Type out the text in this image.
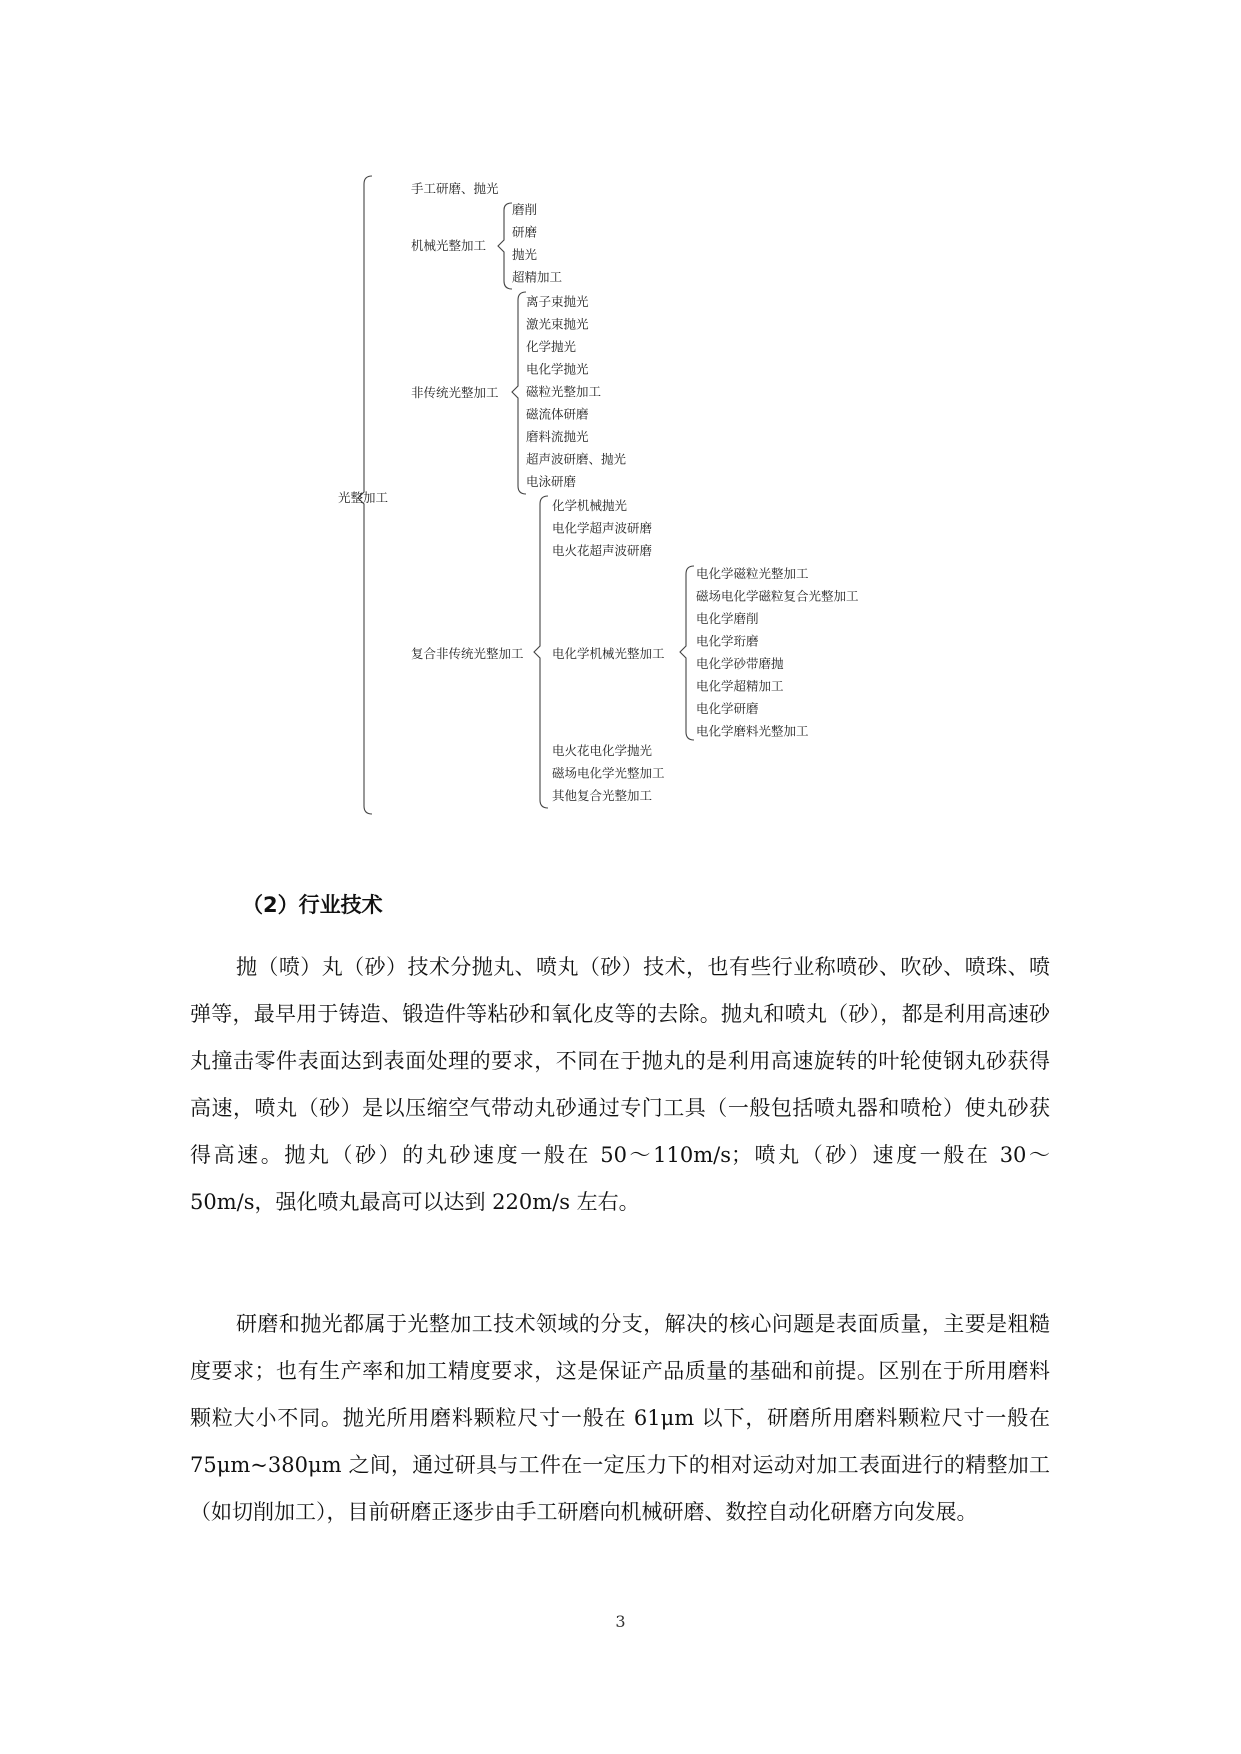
光整加工
手工研磨、抛光
机械光整加工
非传统光整加工
复合非传统光整加工
磨削
研磨
抛光
超精加工
离子束抛光
激光束抛光
化学抛光
电化学抛光
磁粒光整加工
磁流体研磨
磨料流抛光
超声波研磨、抛光
电泳研磨
化学机械抛光
电化学超声波研磨
电火花超声波研磨
电化学机械光整加工
电火花电化学抛光
磁场电化学光整加工
其他复合光整加工
电化学磁粒光整加工
磁场电化学磁粒复合光整加工
电化学磨削
电化学珩磨
电化学砂带磨抛
电化学超精加工
电化学研磨
电化学磨料光整加工
（2）行业技术

抛（喷）丸（砂）技术分抛丸、喷丸（砂）技术，也有些行业称喷砂、吹砂、喷珠、喷弹等，最早用于铸造、锻造件等粘砂和氧化皮等的去除。抛丸和喷丸（砂），都是利用高速砂丸撞击零件表面达到表面处理的要求，不同在于抛丸的是利用高速旋转的叶轮使钢丸砂获得高速，喷丸（砂）是以压缩空气带动丸砂通过专门工具（一般包括喷丸器和喷枪）使丸砂获得高速。抛丸（砂）的丸砂速度一般在 50～110m/s；喷丸（砂）速度一般在 30～50m/s，强化喷丸最高可以达到 220m/s 左右。

研磨和抛光都属于光整加工技术领域的分支，解决的核心问题是表面质量，主要是粗糙度要求；也有生产率和加工精度要求，这是保证产品质量的基础和前提。区别在于所用磨料颗粒大小不同。抛光所用磨料颗粒尺寸一般在 61μm 以下，研磨所用磨料颗粒尺寸一般在 75μm~380μm 之间，通过研具与工件在一定压力下的相对运动对加工表面进行的精整加工（如切削加工），目前研磨正逐步由手工研磨向机械研磨、数控自动化研磨方向发展。

3
